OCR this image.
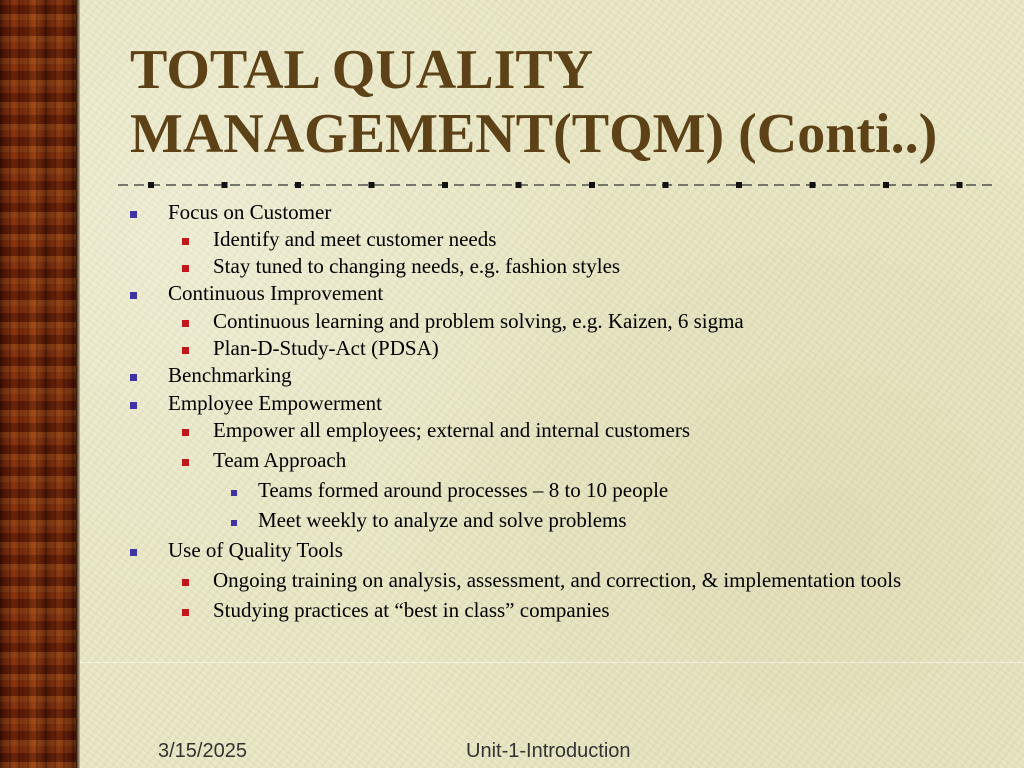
TOTAL QUALITY
MANAGEMENT(TQM) (Conti..)
Focus on Customer
Identify and meet customer needs
Stay tuned to changing needs, e.g. fashion styles
Continuous Improvement
Continuous learning and problem solving, e.g. Kaizen, 6 sigma
Plan-D-Study-Act (PDSA)
Benchmarking
Employee Empowerment
Empower all employees; external and internal customers
Team Approach
Teams formed around processes – 8 to 10 people
Meet weekly to analyze and solve problems
Use of Quality Tools
Ongoing training on analysis, assessment, and correction, & implementation tools
Studying practices at “best in class” companies
3/15/2025	Unit-1-Introduction
